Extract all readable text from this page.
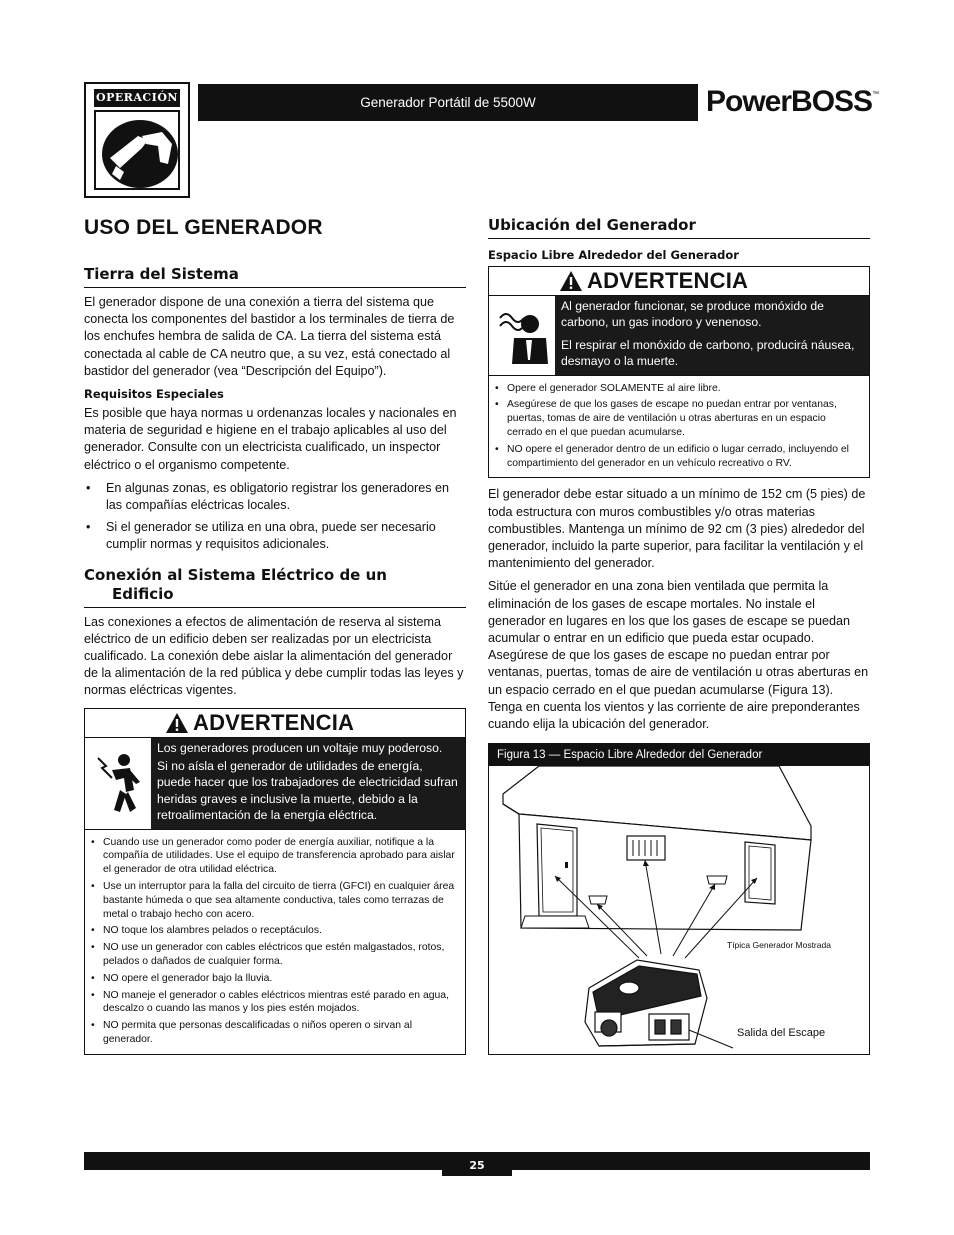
OPERACIÓN	Generador Portátil de 5500W	PowerBOSS™
USO DEL GENERADOR
Tierra del Sistema

El generador dispone de una conexión a tierra del sistema que conecta los componentes del bastidor a los terminales de tierra de los enchufes hembra de salida de CA. La tierra del sistema está conectada al cable de CA neutro que, a su vez, está conectado al bastidor del generador (vea “Descripción del Equipo”).

Requisitos Especiales

Es posible que haya normas u ordenanzas locales y nacionales en materia de seguridad e higiene en el trabajo aplicables al uso del generador. Consulte con un electricista cualificado, un inspector eléctrico o el organismo competente.

• En algunas zonas, es obligatorio registrar los generadores en las compañías eléctricas locales.
• Si el generador se utiliza en una obra, puede ser necesario cumplir normas y requisitos adicionales.
Conexión al Sistema Eléctrico de un
Edificio

Las conexiones a efectos de alimentación de reserva al sistema eléctrico de un edificio deben ser realizadas por un electricista cualificado. La conexión debe aislar la alimentación del generador de la alimentación de la red pública y debe cumplir todas las leyes y normas eléctricas vigentes.

ADVERTENCIA

Los generadores producen un voltaje muy poderoso.

Si no aísla el generador de utilidades de energía, puede hacer que los trabajadores de electricidad sufran heridas graves e inclusive la muerte, debido a la retroalimentación de la energía eléctrica.

• Cuando use un generador como poder de energía auxiliar, notifique a la compañía de utilidades. Use el equipo de transferencia aprobado para aislar el generador de otra utilidad eléctrica.
• Use un interruptor para la falla del circuito de tierra (GFCI) en cualquier área bastante húmeda o que sea altamente conductiva, tales como terrazas de metal o trabajo hecho con acero.
• NO toque los alambres pelados o receptáculos.
• NO use un generador con cables eléctricos que estén malgastados, rotos, pelados o dañados de cualquier forma.
• NO opere el generador bajo la lluvia.
• NO maneje el generador o cables eléctricos mientras esté parado en agua, descalzo o cuando las manos y los pies estén mojados.
• NO permita que personas descalificadas o niños operen o sirvan al generador.
Ubicación del Generador
Espacio Libre Alrededor del Generador
ADVERTENCIA

Al generador funcionar, se produce monóxido de carbono, un gas inodoro y venenoso.

El respirar el monóxido de carbono, producirá náusea, desmayo o la muerte.

• Opere el generador SOLAMENTE al aire libre.
• Asegúrese de que los gases de escape no puedan entrar por ventanas, puertas, tomas de aire de ventilación u otras aberturas en un espacio cerrado en el que puedan acumularse.
• NO opere el generador dentro de un edificio o lugar cerrado, incluyendo el compartimiento del generador en un vehículo recreativo o RV.

El generador debe estar situado a un mínimo de 152 cm (5 pies) de toda estructura con muros combustibles y/o otras materias combustibles. Mantenga un mínimo de 92 cm (3 pies) alrededor del generador, incluido la parte superior, para facilitar la ventilación y el mantenimiento del generador.

Sitúe el generador en una zona bien ventilada que permita la eliminación de los gases de escape mortales. No instale el generador en lugares en los que los gases de escape se puedan acumular o entrar en un edificio que pueda estar ocupado. Asegúrese de que los gases de escape no puedan entrar por ventanas, puertas, tomas de aire de ventilación u otras aberturas en un espacio cerrado en el que puedan acumularse (Figura 13). Tenga en cuenta los vientos y las corriente de aire preponderantes cuando elija la ubicación del generador.

Figura 13 — Espacio Libre Alrededor del Generador
Típica Generador Mostrada
Salida del Escape
25
